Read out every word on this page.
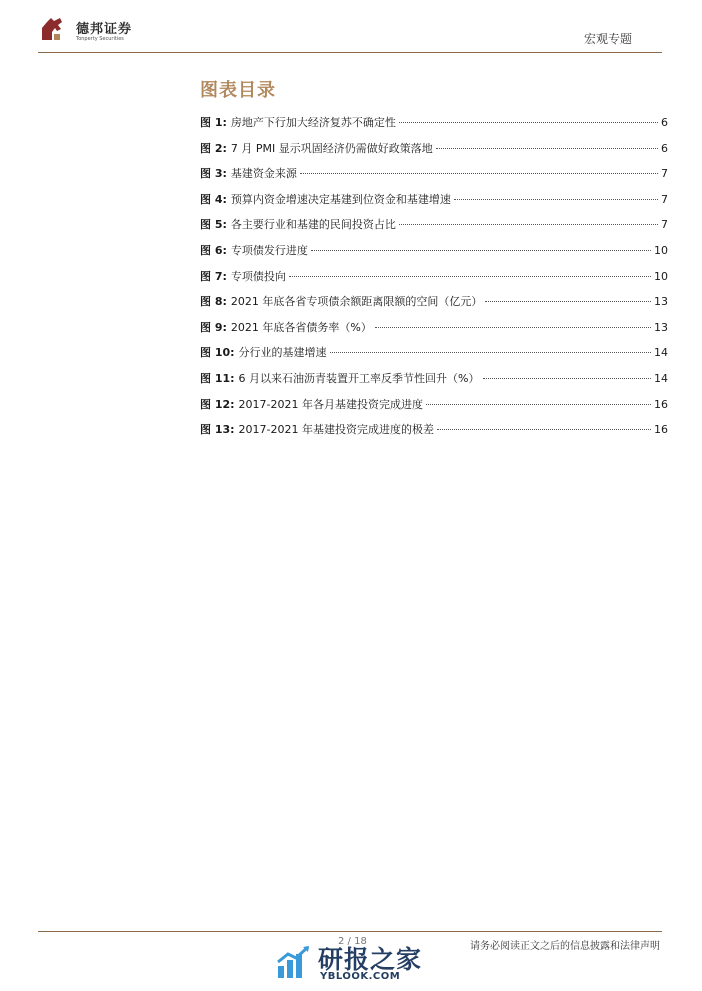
德邦证券
Tonperty Securities	宏观专题
图表目录
图 1: 房地产下行加大经济复苏不确定性	6
图 2: 7 月 PMI 显示巩固经济仍需做好政策落地	6
图 3: 基建资金来源	7
图 4: 预算内资金增速决定基建到位资金和基建增速	7
图 5: 各主要行业和基建的民间投资占比	7
图 6: 专项债发行进度	10
图 7: 专项债投向	10
图 8: 2021 年底各省专项债余额距离限额的空间（亿元）	13
图 9: 2021 年底各省债务率（%）	13
图 10: 分行业的基建增速	14
图 11: 6 月以来石油沥青装置开工率反季节性回升（%）	14
图 12: 2017-2021 年各月基建投资完成进度	16
图 13: 2017-2021 年基建投资完成进度的极差	16
2 / 18	请务必阅读正文之后的信息披露和法律声明
研报之家
YBLOOK.COM
